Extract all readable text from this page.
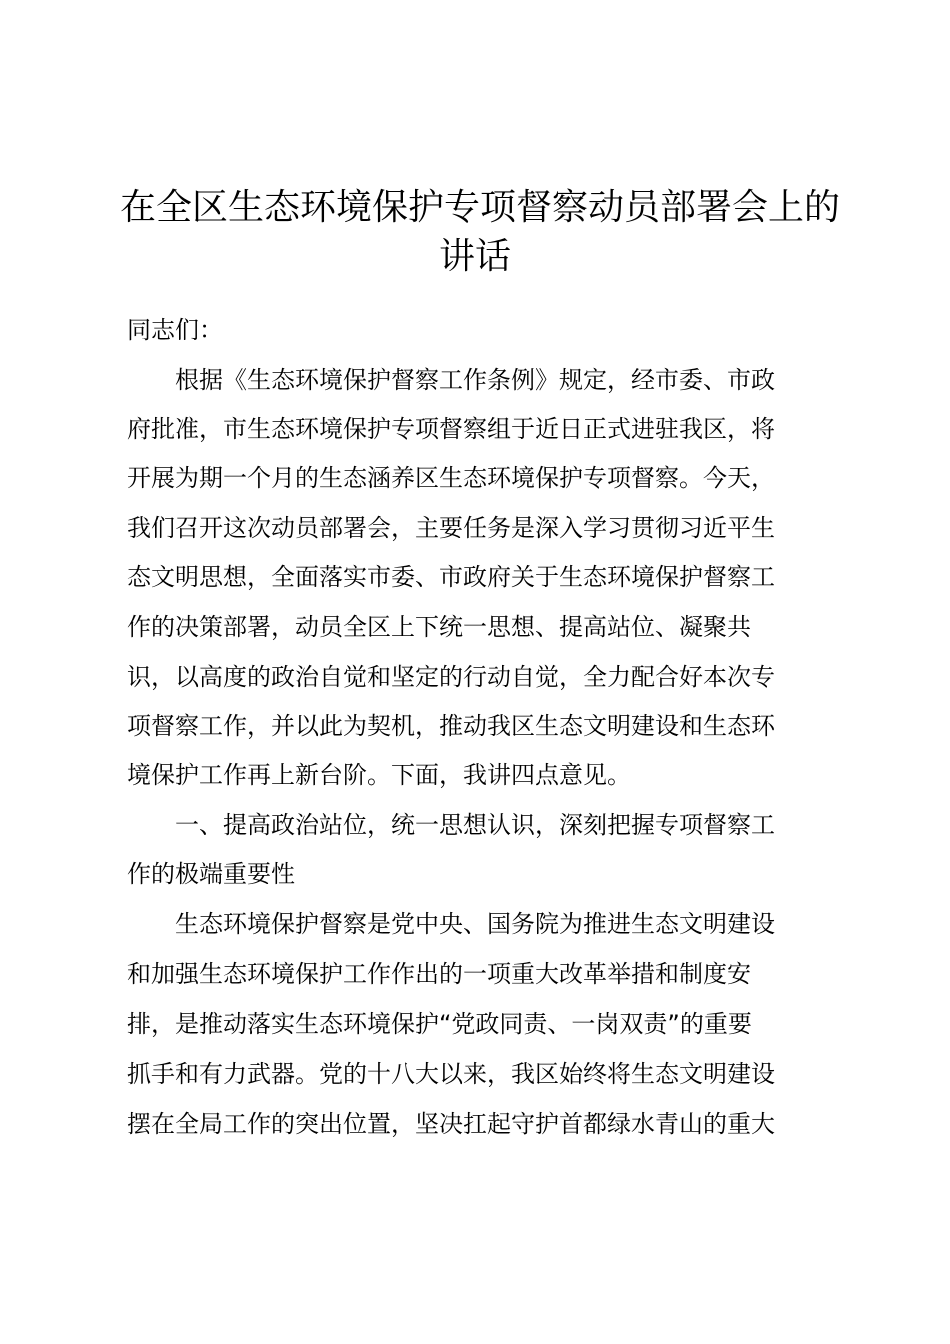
在全区生态环境保护专项督察动员部署会上的
讲话

同志们：

　　根据《生态环境保护督察工作条例》规定，经市委、市政

府批准，市生态环境保护专项督察组于近日正式进驻我区，将

开展为期一个月的生态涵养区生态环境保护专项督察。今天，

我们召开这次动员部署会，主要任务是深入学习贯彻习近平生

态文明思想，全面落实市委、市政府关于生态环境保护督察工

作的决策部署，动员全区上下统一思想、提高站位、凝聚共

识，以高度的政治自觉和坚定的行动自觉，全力配合好本次专

项督察工作，并以此为契机，推动我区生态文明建设和生态环

境保护工作再上新台阶。下面，我讲四点意见。

　　一、提高政治站位，统一思想认识，深刻把握专项督察工

作的极端重要性

　　生态环境保护督察是党中央、国务院为推进生态文明建设

和加强生态环境保护工作作出的一项重大改革举措和制度安

排，是推动落实生态环境保护“党政同责、一岗双责”的重要

抓手和有力武器。党的十八大以来，我区始终将生态文明建设

摆在全局工作的突出位置，坚决扛起守护首都绿水青山的重大
